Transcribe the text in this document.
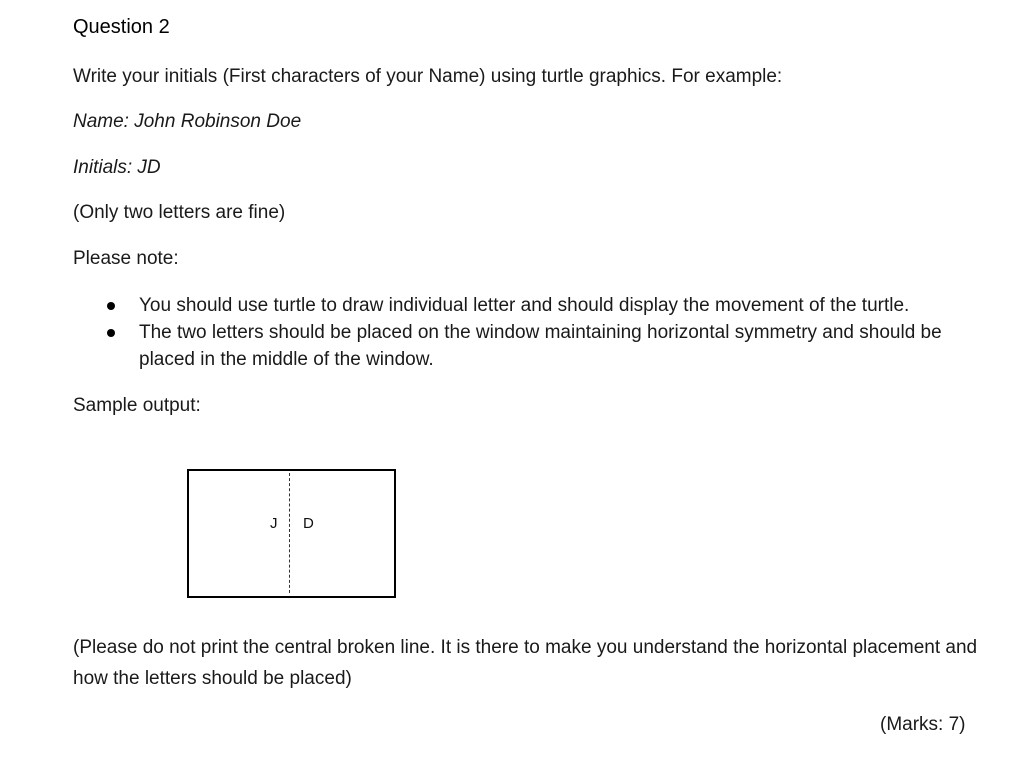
Question 2
Write your initials (First characters of your Name) using turtle graphics. For example:
Name: John Robinson Doe
Initials: JD
(Only two letters are fine)
Please note:
You should use turtle to draw individual letter and should display the movement of the turtle.
The two letters should be placed on the window maintaining horizontal symmetry and should be placed in the middle of the window.
Sample output:
J D
(Please do not print the central broken line. It is there to make you understand the horizontal placement and how the letters should be placed)
(Marks: 7)
